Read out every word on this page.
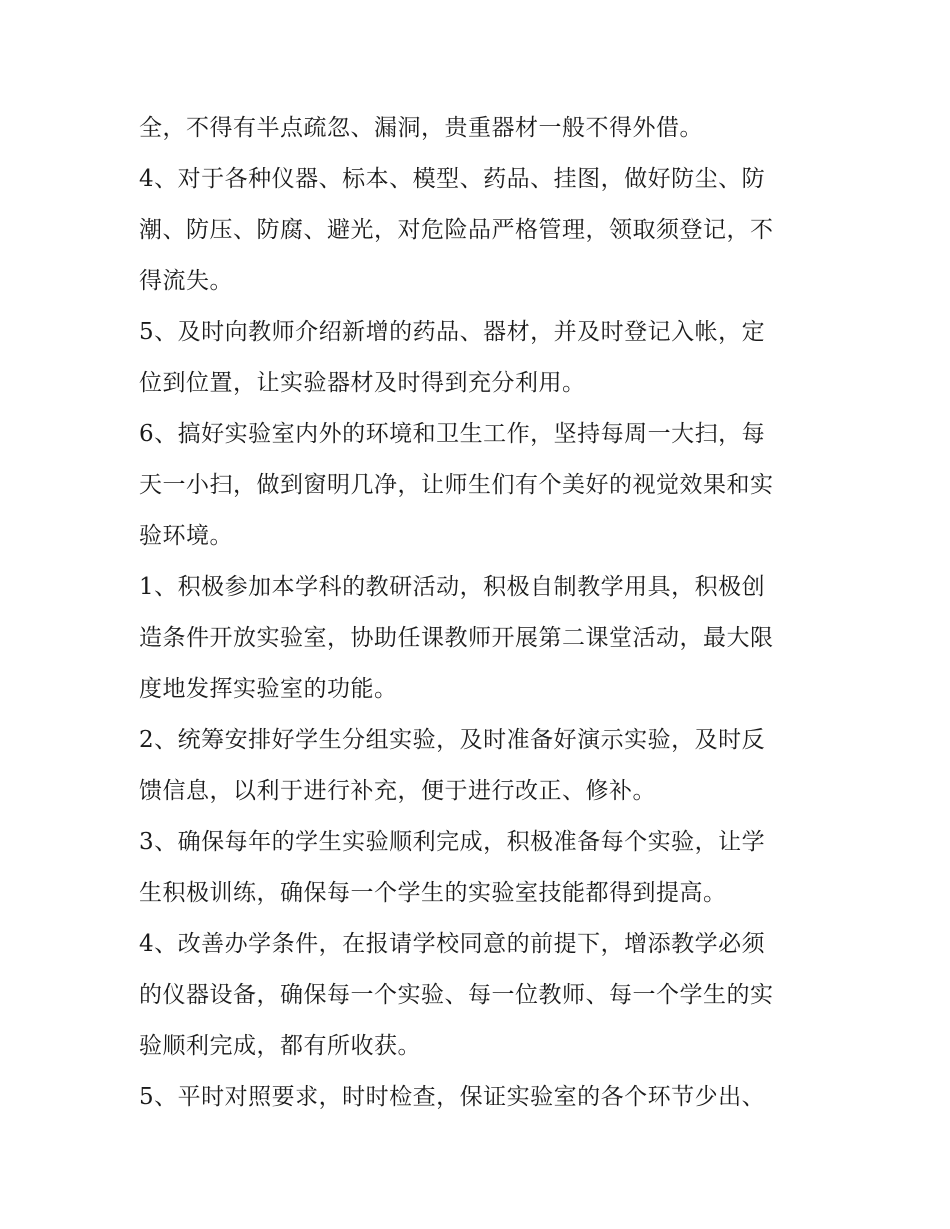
全，不得有半点疏忽、漏洞，贵重器材一般不得外借。

4、对于各种仪器、标本、模型、药品、挂图，做好防尘、防

潮、防压、防腐、避光，对危险品严格管理，领取须登记，不

得流失。

5、及时向教师介绍新增的药品、器材，并及时登记入帐，定

位到位置，让实验器材及时得到充分利用。

6、搞好实验室内外的环境和卫生工作，坚持每周一大扫，每

天一小扫，做到窗明几净，让师生们有个美好的视觉效果和实

验环境。

1、积极参加本学科的教研活动，积极自制教学用具，积极创

造条件开放实验室，协助任课教师开展第二课堂活动，最大限

度地发挥实验室的功能。

2、统筹安排好学生分组实验，及时准备好演示实验，及时反

馈信息，以利于进行补充，便于进行改正、修补。

3、确保每年的学生实验顺利完成，积极准备每个实验，让学

生积极训练，确保每一个学生的实验室技能都得到提高。

4、改善办学条件，在报请学校同意的前提下，增添教学必须

的仪器设备，确保每一个实验、每一位教师、每一个学生的实

验顺利完成，都有所收获。

5、平时对照要求，时时检查，保证实验室的各个环节少出、
